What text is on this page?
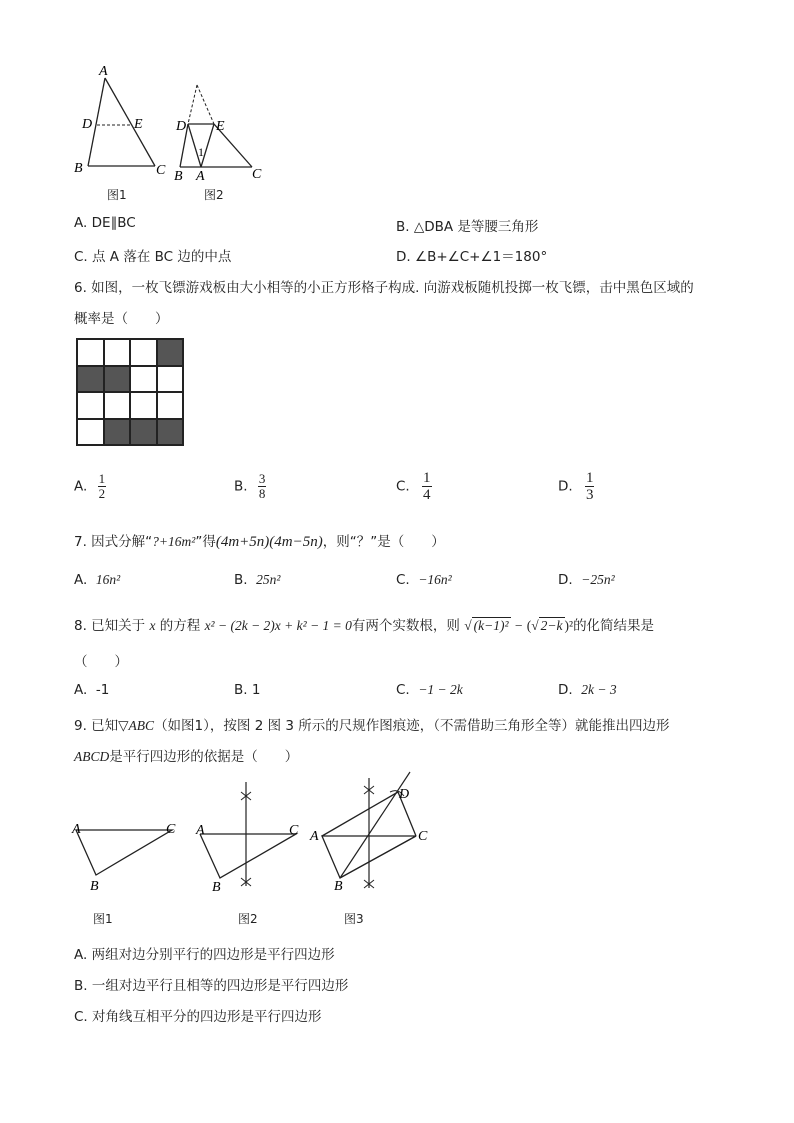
A
D	E
B	C
图1
D E
1
B A	C
图2
A. DE∥BC	B. △DBA 是等腰三角形
C. 点 A 落在 BC 边的中点	D. ∠B+∠C+∠1＝180°
6. 如图，一枚飞镖游戏板由大小相等的小正方形格子构成. 向游戏板随机投掷一枚飞镖，击中黑色区域的
概率是（　　）
A. $\frac{1}{2}$	B. $\frac{3}{8}$	C. $\frac{1}{4}$	D. $\frac{1}{3}$
7. 因式分解“?+16m²”得(4m+5n)(4m−5n)，则“？”是（　　）
A. 16n²	B. 25n²	C. −16n²	D. −25n²
8. 已知关于 x 的方程 x² − (2k − 2)x + k² − 1 = 0有两个实数根，则 √ (k−1)² − (√ 2−k )²的化简结果是
（　　）
A. -1	B. 1	C. −1 − 2k	D. 2k − 3
9. 已知▽ABC（如图1），按图 2 图 3 所示的尺规作图痕迹，（不需借助三角形全等）就能推出四边形
ABCD是平行四边形的依据是（　　）
A	C
B
A	C
B
A	C
B
D
图1	图2	图3
A. 两组对边分别平行的四边形是平行四边形
B. 一组对边平行且相等的四边形是平行四边形
C. 对角线互相平分的四边形是平行四边形
